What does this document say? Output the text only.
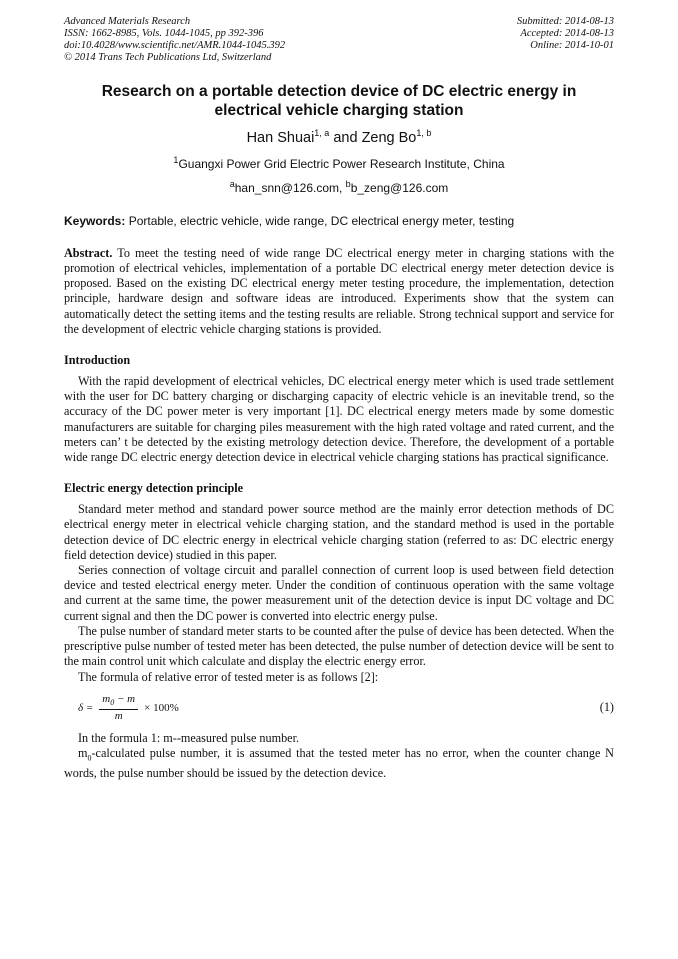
Advanced Materials Research
ISSN: 1662-8985, Vols. 1044-1045, pp 392-396
doi:10.4028/www.scientific.net/AMR.1044-1045.392
© 2014 Trans Tech Publications Ltd, Switzerland
Submitted: 2014-08-13
Accepted: 2014-08-13
Online: 2014-10-01
Research on a portable detection device of DC electric energy in
electrical vehicle charging station
Han Shuai$^{1, a}$ and Zeng Bo$^{1, b}$
$^1$Guangxi Power Grid Electric Power Research Institute, China
$^a$han_snn@126.com, $^b$b_zeng@126.com
Keywords: Portable, electric vehicle, wide range, DC electrical energy meter, testing

Abstract. To meet the testing need of wide range DC electrical energy meter in charging stations with the promotion of electrical vehicles, implementation of a portable DC electrical energy meter detection device is proposed. Based on the existing DC electrical energy meter testing procedure, the implementation, detection principle, hardware design and software ideas are introduced. Experiments show that the system can automatically detect the setting items and the testing results are reliable. Strong technical support and service for the development of electric vehicle charging stations is provided.

Introduction

With the rapid development of electrical vehicles, DC electrical energy meter which is used trade settlement with the user for DC battery charging or discharging capacity of electric vehicle is an inevitable trend, so the accuracy of the DC power meter is very important [1]. DC electrical energy meters made by some domestic manufacturers are suitable for charging piles measurement with the high rated voltage and rated current, and the meters can’ t be detected by the existing metrology detection device. Therefore, the development of a portable wide range DC electric energy detection device in electrical vehicle charging stations has practical significance.

Electric energy detection principle

Standard meter method and standard power source method are the mainly error detection methods of DC electrical energy meter in electrical vehicle charging station, and the standard method is used in the portable detection device of DC electric energy in electrical vehicle charging station (referred to as: DC electric energy field detection device) studied in this paper.

Series connection of voltage circuit and parallel connection of current loop is used between field detection device and tested electrical energy meter. Under the condition of continuous operation with the same voltage and current at the same time, the power measurement unit of the detection device is input DC voltage and DC current signal and then the DC power is converted into electric energy pulse.

The pulse number of standard meter starts to be counted after the pulse of device has been detected. When the prescriptive pulse number of tested meter has been detected, the pulse number of detection device will be sent to the main control unit which calculate and display the electric energy error.

The formula of relative error of tested meter is as follows [2]:

$\delta = \frac{m_0 - m}{m} \times 100\%$	(1)

In the formula 1: m--measured pulse number.

$m_0$-calculated pulse number, it is assumed that the tested meter has no error, when the counter change N words, the pulse number should be issued by the detection device.
